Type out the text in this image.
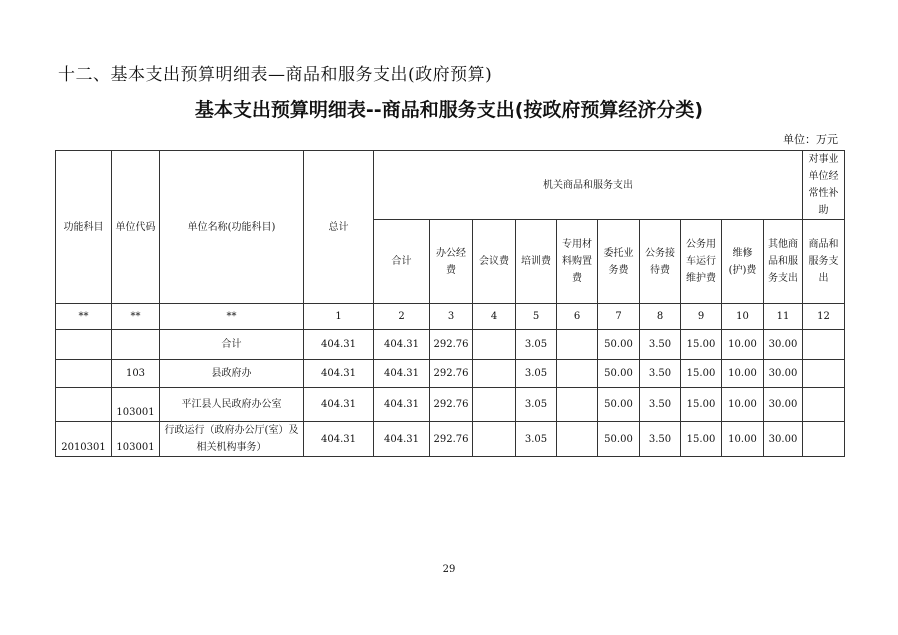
十二、基本支出预算明细表—商品和服务支出(政府预算)
基本支出预算明细表--商品和服务支出(按政府预算经济分类)
单位：万元
功能科目	单位代码	单位名称(功能科目)	总计	机关商品和服务支出										对事业单位经常性补助
				合计	办公经费	会议费	培训费	专用材料购置费	委托业务费	公务接待费	公务用车运行维护费	维修(护)费	其他商品和服务支出	商品和服务支出
**	**	**	1	2	3	4	5	6	7	8	9	10	11	12
		合计	404.31	404.31	292.76		3.05		50.00	3.50	15.00	10.00	30.00	
	103	县政府办	404.31	404.31	292.76		3.05		50.00	3.50	15.00	10.00	30.00	
	103001	平江县人民政府办公室	404.31	404.31	292.76		3.05		50.00	3.50	15.00	10.00	30.00	
2010301	103001	行政运行（政府办公厅(室）及相关机构事务）	404.31	404.31	292.76		3.05		50.00	3.50	15.00	10.00	30.00	
29
